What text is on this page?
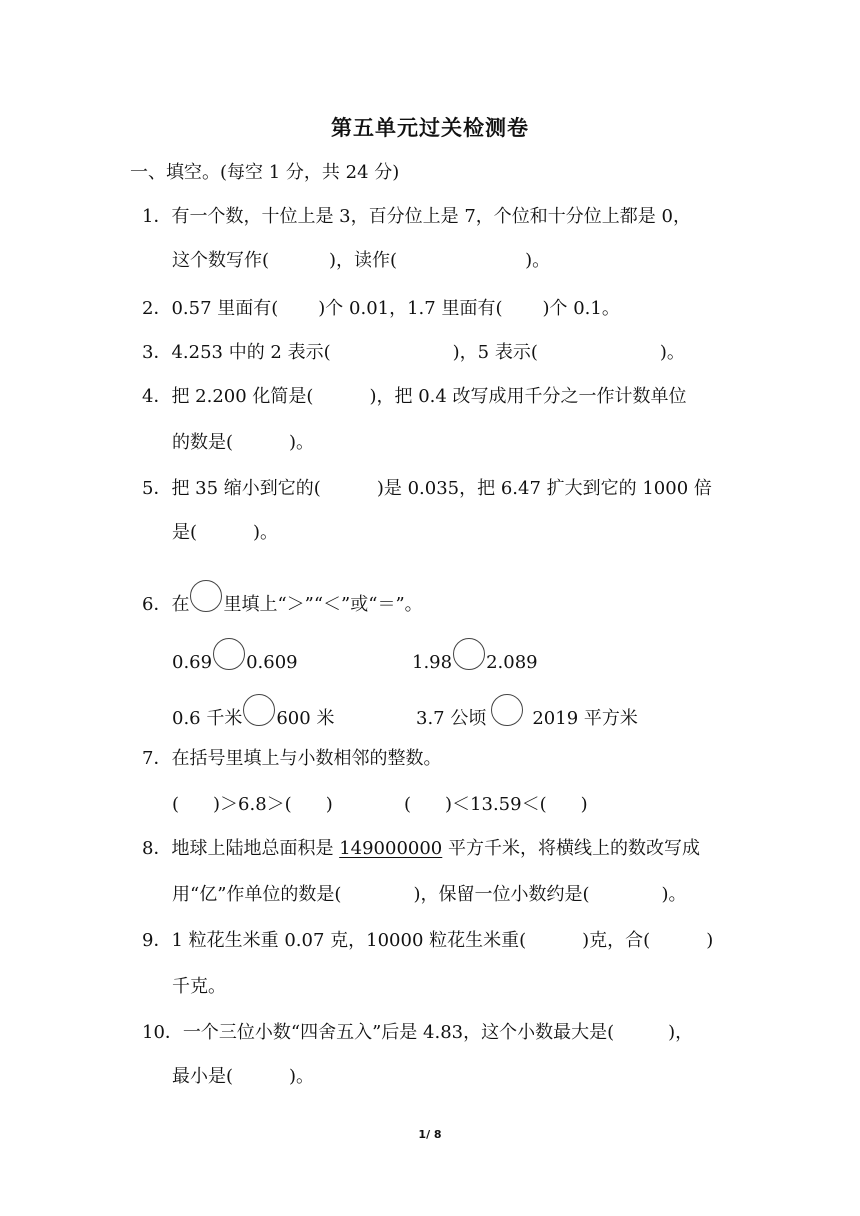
第五单元过关检测卷
一、填空。(每空 1 分，共 24 分)
1．有一个数，十位上是 3，百分位上是 7，个位和十分位上都是 0，
这个数写作(	)，读作(	)。
2．0.57 里面有( )个 0.01，1.7 里面有( )个 0.1。
3．4.253 中的 2 表示(	)，5 表示(	)。
4．把 2.200 化简是(	)，把 0.4 改写成用千分之一作计数单位
的数是(	)。
5．把 35 缩小到它的(	)是 0.035，把 6.47 扩大到它的 1000 倍
是(	)。
6．在 里填上“＞”“＜”或“＝”。
0.69 0.609	1.98 2.089
0.6 千米 600 米	3.7 公顷	2019 平方米
7．在括号里填上与小数相邻的整数。
( )＞6.8＞( )	( )＜13.59＜( )
8．地球上陆地总面积是 149000000 平方千米，将横线上的数改写成
用“亿”作单位的数是(	)，保留一位小数约是(	)。
9．1 粒花生米重 0.07 克，10000 粒花生米重(	)克，合(	)
千克。
10．一个三位小数“四舍五入”后是 4.83，这个小数最大是(	)，
最小是(	)。
1/ 8
